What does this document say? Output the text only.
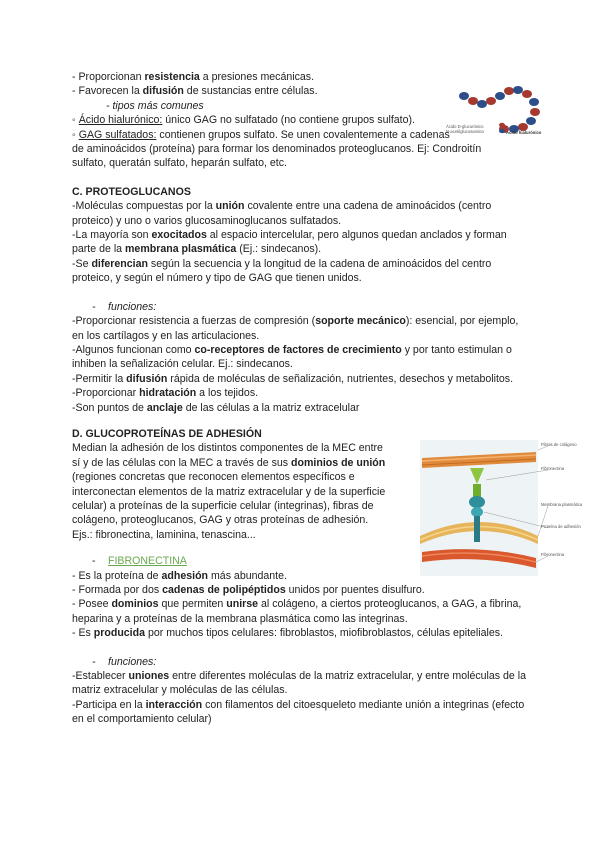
- Proporcionan resistencia a presiones mecánicas.

- Favorecen la difusión de sustancias entre células.

- tipos más comunes

◦ Ácido hialurónico: único GAG no sulfatado (no contiene grupos sulfato).

◦ GAG sulfatados: contienen grupos sulfato. Se unen covalentemente a cadenas

de aminoácidos (proteína) para formar los denominados proteoglucanos. Ej: Condroitín

sulfato, queratán sulfato, heparán sulfato, etc.

C. PROTEOGLUCANOS

-Moléculas compuestas por la unión covalente entre una cadena de aminoácidos (centro proteico) y uno o varios glucosaminoglucanos sulfatados.

-La mayoría son exocitados al espacio intercelular, pero algunos quedan anclados y forman parte de la membrana plasmática (Ej.: sindecanos).

-Se diferencian según la secuencia y la longitud de la cadena de aminoácidos del centro proteico, y según el número y tipo de GAG que tienen unidos.

- funciones:

-Proporcionar resistencia a fuerzas de compresión (soporte mecánico): esencial, por ejemplo, en los cartílagos y en las articulaciones.

-Algunos funcionan como co-receptores de factores de crecimiento y por tanto estimulan o inhiben la señalización celular. Ej.: sindecanos.

-Permitir la difusión rápida de moléculas de señalización, nutrientes, desechos y metabolitos.

-Proporcionar hidratación a los tejidos.

-Son puntos de anclaje de las células a la matriz extracelular

D. GLUCOPROTEÍNAS DE ADHESIÓN

Median la adhesión de los distintos componentes de la MEC entre sí y de las células con la MEC a través de sus dominios de unión (regiones concretas que reconocen elementos específicos e interconectan elementos de la matriz extracelular y de la superficie celular) a proteínas de la superficie celular (integrinas), fibras de colágeno, proteoglucanos, GAG y otras proteínas de adhesión.

Ejs.: fibronectina, laminina, tenascina...

- FIBRONECTINA

- Es la proteína de adhesión más abundante.

- Formada por dos cadenas de polipéptidos unidos por puentes disulfuro.

- Posee dominios que permiten unirse al colágeno, a ciertos proteoglucanos, a GAG, a fibrina, heparina y a proteínas de la membrana plasmática como las integrinas.

- Es producida por muchos tipos celulares: fibroblastos, miofibroblastos, células epiteliales.

- funciones:

-Establecer uniones entre diferentes moléculas de la matriz extracelular, y entre moléculas de la matriz extracelular y moléculas de las células.

-Participa en la interacción con filamentos del citoesqueleto mediante unión a integrinas (efecto en el comportamiento celular)

Ácido D-glucurónico
N-acetilglucosamina	Ácido hialurónico
Fibras de colágeno
Fibronectina
Membrana plasmática
Proteína de adhesión
Fibronectina
